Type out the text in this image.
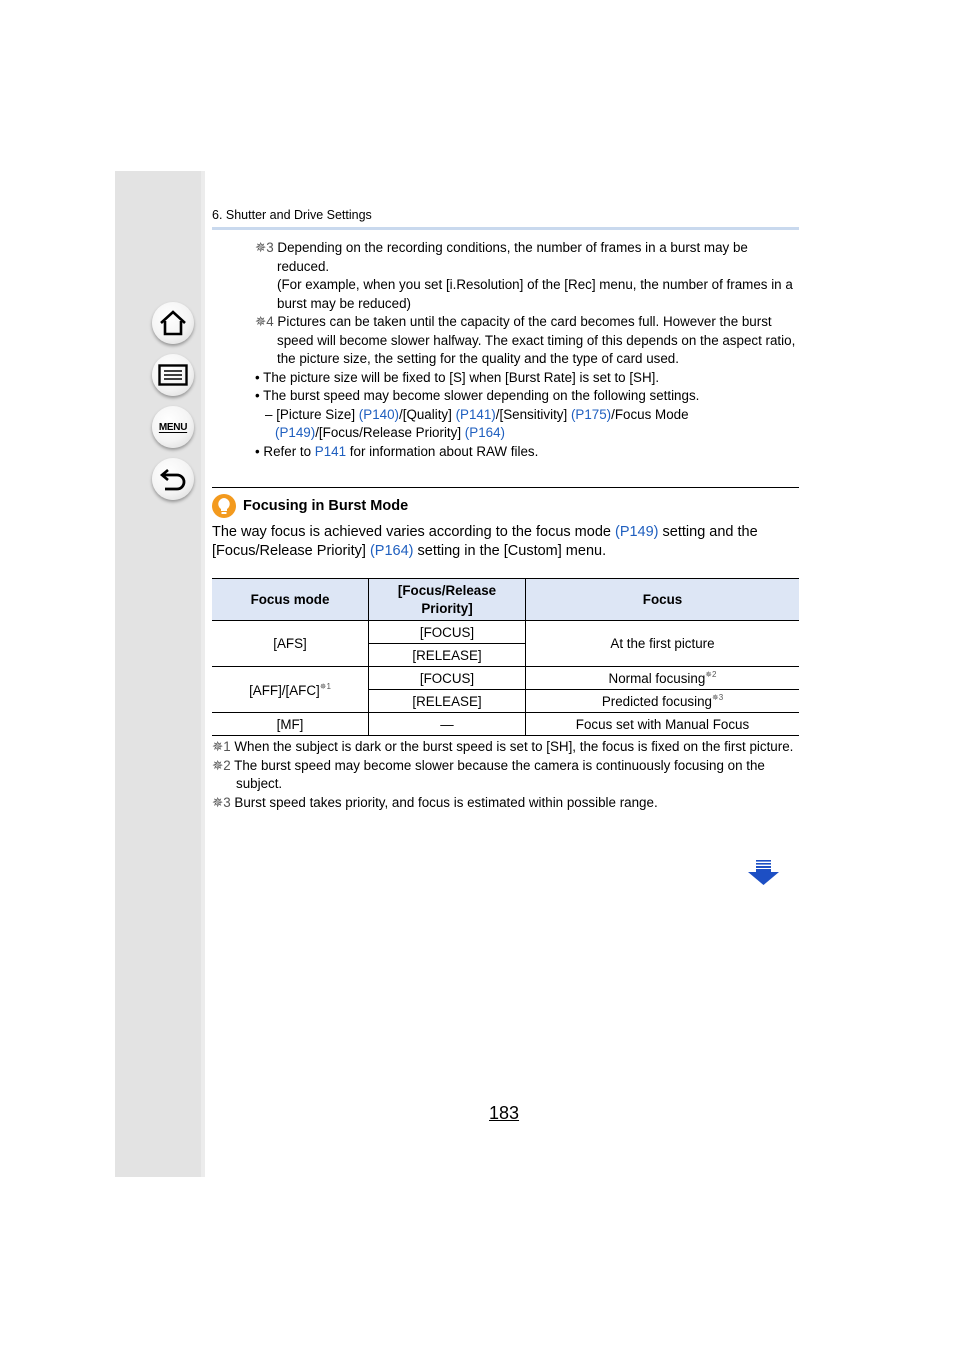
MENU
6. Shutter and Drive Settings
✵3 Depending on the recording conditions, the number of frames in a burst may be reduced.
(For example, when you set [i.Resolution] of the [Rec] menu, the number of frames in a burst may be reduced)
✵4 Pictures can be taken until the capacity of the card becomes full. However the burst speed will become slower halfway. The exact timing of this depends on the aspect ratio, the picture size, the setting for the quality and the type of card used.
• The picture size will be fixed to [S] when [Burst Rate] is set to [SH].
• The burst speed may become slower depending on the following settings.
– [Picture Size] (P140)/[Quality] (P141)/[Sensitivity] (P175)/Focus Mode (P149)/[Focus/Release Priority] (P164)
• Refer to P141 for information about RAW files.
Focusing in Burst Mode
The way focus is achieved varies according to the focus mode (P149) setting and the [Focus/Release Priority] (P164) setting in the [Custom] menu.
Focus mode	[Focus/Release Priority]	Focus
[AFS]	[FOCUS]	At the first picture
	[RELEASE]	
[AFF]/[AFC]$^{✵1}$	[FOCUS]	Normal focusing$^{✵2}$
	[RELEASE]	Predicted focusing$^{✵3}$
[MF]	—	Focus set with Manual Focus
✵1 When the subject is dark or the burst speed is set to [SH], the focus is fixed on the first picture.
✵2 The burst speed may become slower because the camera is continuously focusing on the subject.
✵3 Burst speed takes priority, and focus is estimated within possible range.
183
